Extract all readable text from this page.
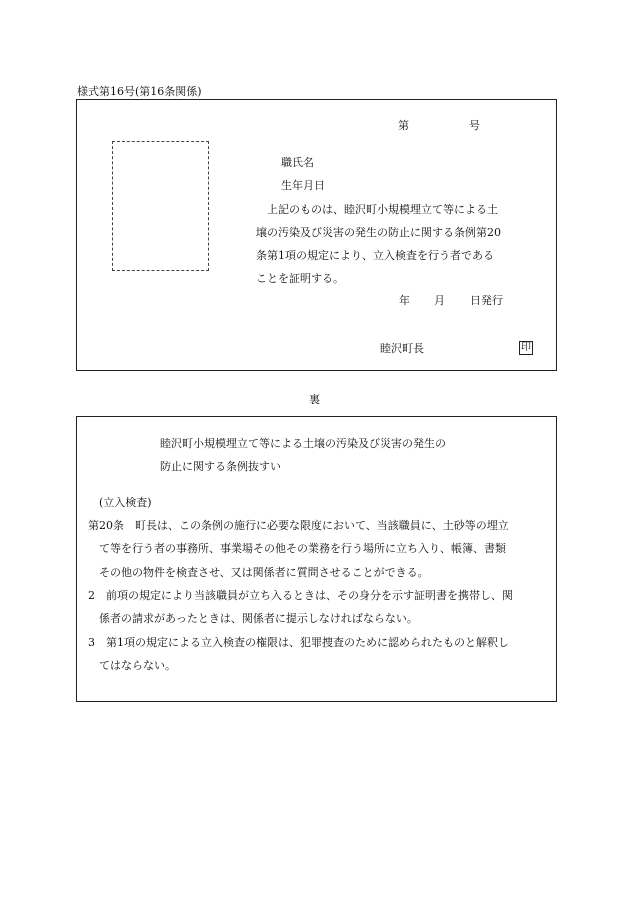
様式第16号(第16条関係)
第	号
職氏名
生年月日
上記のものは、睦沢町小規模埋立て等による土
壌の汚染及び災害の発生の防止に関する条例第20
条第1項の規定により、立入検査を行う者である
ことを証明する。
年 月 日発行
睦沢町長	印
裏
睦沢町小規模埋立て等による土壌の汚染及び災害の発生の
防止に関する条例抜すい
(立入検査)
第20条　町長は、この条例の施行に必要な限度において、当該職員に、土砂等の埋立
て等を行う者の事務所、事業場その他その業務を行う場所に立ち入り、帳簿、書類
その他の物件を検査させ、又は関係者に質問させることができる。
2　前項の規定により当該職員が立ち入るときは、その身分を示す証明書を携帯し、関
係者の請求があったときは、関係者に提示しなければならない。
3　第1項の規定による立入検査の権限は、犯罪捜査のために認められたものと解釈し
てはならない。
